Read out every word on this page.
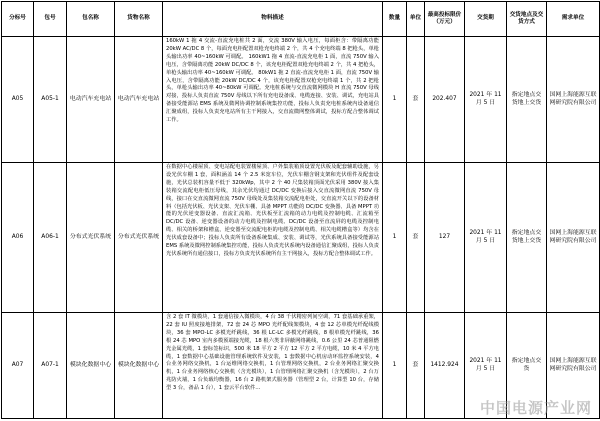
分标号	包号	包名称	货物名称	物料描述	数量	单位	最高投标限价（万元）	交货期	交货地点及交货方式	需求单位
A05	A05-1	电动汽车充电站	电动汽车充电站	160kW 1 拖 4 交流-直流充电桩共 2 面，交流 380V 输入电压，每面柜含：带隔离功能 20kW AC/DC 8 个，每面充电柜配置双枪充电终端 2 个，共 4 个充电终端 8 把枪头，单枪头输出功率 40~160kW 可调配。 160kW1 拖 4 直流-直流充电柜 1 面，直流 750V 输入电压，含带隔离功能 20kW DC/DC 8 个，该充电柜配置双枪充电终端 2 个，共 4 把枪头，单枪头输出功率 40~160kW 可调配。 80kW1 拖 2 直流-直流充电柜 1 面，直流 750V 输入电压，含带隔离功能 20kW DC/DC 4 个，该充电柜配置双枪充电终端 1 个，共 2 把枪头，单枪头输出功率 40~80kW 可调配。充电桩系统与交直流微网模块 H 直流 750V 母线对接，投标人负责直流 750V 母线以下所有充电设备成、电缆连接、安装、调试，充电站具备接受能源站 EMS 系统及微网协调控制系统集控功能，投标人负责充电桩系统内设备通信汇聚成组，投标人负责充电站所有主干网接入，交直流微网整体调试，投标方配合整体调试工作。	1	套	202.407	2021 年 11 月 5 日	指定地点交货地上交货	国网上海能源互联网研究院有限公司
A06	A06-1	分布式光伏系统	分布式光伏系统	在数据中心楼屋顶、变电站配电装置楼屋顶、户外集装箱顶设置光伏板及配套辅助设施，另设光伏车棚 1 套，面积涵盖 14 个 2.5 米宽车位，光伏车棚含钢支架和光伏组件及配套设施，光伏总装机容量不低于 320kWp，其中 2 个 40 尺集装箱顶面光伏采用 380V 接入集装箱交流配电柜低压母线，其余光伏均通过 DC/DC 变换后接入交直流微网直流 750V 母线，接口在交直流微网直流 750V 母线处及集装箱交流配电柜处，交直流开关以下的设备材料（包括光伏板、光伏支架、光伏车棚、具备 MPPT 功能的 DC/DC 变换器、具备 MPPT 功能的光伏逆变器设备、直流汇流箱、光伏板至汇流箱的动力电缆及控制电缆、汇流箱至 DC/DC 设备、逆变器设备的动力电缆及控制电缆、DC/DC 设备至直流屏的电缆及控制电缆、相关的桥架和槽盒，逆变器至交流配电柜的电缆及控制电缆、相关电缆槽盒等）均含在光伏成套设备中；投标人负责所有设备系统集成、安装、调试等，光伏系统具备接受能源站 EMS 系统及微网控制系统集控功能，投标人负责光伏系统内设备通信汇聚成组，投标人负责光伏系统所有通信接口，投标方负责光伏系统所有主干网接入，投标方配合整体调试工作。	1	套	127	2021 年 11 月 5 日	指定地点交货地上交货	国网上海能源互联网研究院有限公司
A07	A07-1	模块化数据中心	模块化数据中心	含 2 套 IT 微模块，1 套通信接入微模块，4 台 38 千伏精密列间空调，71 套基础承重架，22 套 IU 照度接地排架，72 套 24 芯 MPO 光纤配线架模块，4 套 12 芯单模光纤配线模块，36 套 MPO-LC 多模光纤跳线，36 根 LC-LC 多模光纤跳线，8 根单模光纤跳线，36 根 24 芯 MPO 室内多模预端接光缆，18 根六类非屏蔽网络跳线，0.6 公里 24 芯普通阻燃光金属光缆，1 套标签标识，500 米 18 平方 2 平方 12 平方 2 平方电缆，10 米 4 平方电缆，1 套数据中心基础设施管理系统软件及安装，1 套数据中心机房动环监控系统安装，4 台业务网络交换机，1 台运维网络交换机，1 台管理网络交换机，2 台业务网络汇聚交换机，1 台业务网络核心交换机（含光模块），1 台管理网络汇聚交换机（含光模块），2 台万兆防火墙，1 台负载均衡器，16 台 2 路机架式服务器（管理型 2 台，计算型 10 台，存储型 3 台，备品 1 台），1 套云平台软件…	1	套	1412.924	2021 年 11 月 5 日	指定地点交货	国网上海能源互联网研究院有限公司
中国电源产业网
